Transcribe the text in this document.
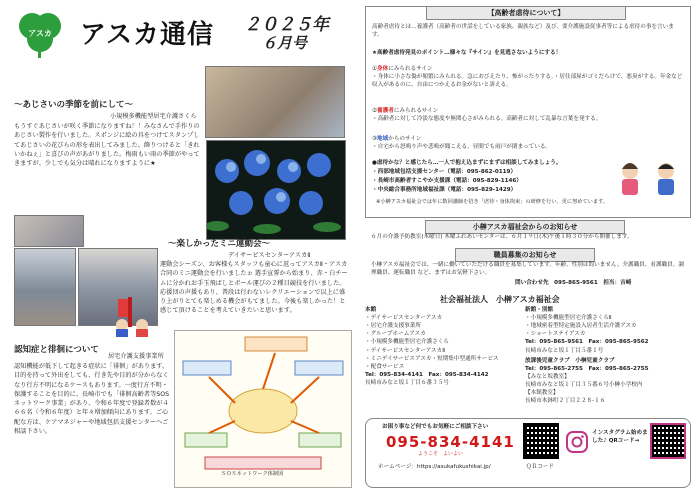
アスカ アスカ通信 ２０２５年
６月号
～あじさいの季節を前にして～
小規模多機能型居宅介護さくら
もうすぐあじさいが咲く季節になりますね！！みなさんで手作りのあじさい製作を行いました。スポンジに絵の具をつけてスタンプしてあじさいの花びらの形を表出してみました。飾りつけると「きれいかねぇ」と喜びの声があがりました。梅雨もい雨の季節がやってきますが、少しでも気分は晴れになりますように★
～楽しかったミニ運動会～
デイサービスセンターアスカⅡ
運動会シーズン、お客様もスタッフも童心に返ってアスカⅡ・アスカ合同のミニ運動会を行いましたぉ 選手宣誓から始まり、赤・白チームに分かれお手玉飛ばしとボール運びの２種目競技を行いました。応援団の声援もあり、普段は行わないレクリエーションで以上に盛り上がりとても楽しめる機会がもてました。今後も楽しかった！と感じて頂けることを考えていきたいと思います。
認知症と徘徊について
居宅介護支援事業所
認知機能が低下して起きる症状に「徘徊」があります。目的を持って外出をしても、行き先や目的が分からなくなり行方不明になるケースもあります。一度行方不明・保護することを目的に、長崎市でも「徘徊高齢者等SOSネットワーク事業」があり、令和６年度で登録者数が４６６名（令和６年度）と年々増加傾向にあります。ご心配な方は、ケアマネジャーや地域包括支援センターへご相談下さい。
ＳＯＳネットワーク体制図
【高齢者虐待について】
高齢者虐待とは…養護者（高齢者の世話をしている家族、親族など）及び、要介護施設従事者等による虐待の事を言います。
★高齢者虐待発見のポイント…様々な『サイン』を見逃さないようにする！
①身体にみられるサイン
・身体に小さな傷が頻繁にみられる。急におびえたり、怖がったりする。・居住部屋がゴミだらけで、悪臭がする。年金など収入があるのに、自由につかえるお金がないと訴える。
②養護者にみられるサイン
・高齢者に対して冷淡な態度や無関心さがみられる。高齢者に対して乱暴な言葉を発する。
③地域からのサイン
・自宅から怒鳴り声や悲鳴が聞こえる。昼間でも雨戸が閉まっている。
●虐待かな？と感じたら…一人で抱え込まずにまずは相談してみましょう。
・西部地域包括支援センター（電話：095-862-0119）
・長崎市高齢者すこやか支援課（電話：095-829-1146）
・中央総合事務所地域福祉課（電話：095-829-1429）
※小榊アスカ福祉会では年に数回講師を招き「虐待・身体拘束」の研修を行い、更に努めています。
小榊アスカ福祉会からのお知らせ
６月の介護予防教室(木曜日) 木曜ふれあいセンターは、６月１９日(木)午後１時３０分から開催します。
職員募集のお知らせ
小榊アスカ福祉会では、一緒に働いていただける職員を募集しています。年齢、性別は問いません。介護職員、看護職員、調理職員、運転職員 など、まずはお気軽下さい。
問い合わせ先　095-865-9561　担当：吉崎
社会福祉法人　小榊アスカ福祉会
本館
・デイサービスセンターアスカ
・居宅介護支援事業所
・グループホームアスカ
・小規模多機能型居宅介護さくら
・デイサービスセンターアスカⅡ
・ミニデイサービスアスカ・短期集中型通所サービス
・配食サービス
Tel：095-834-4141　Fax：095-834-4142
長崎市みなと坂１丁目６番３５号
新館・別館
・小規模多機能型居宅介護さくらⅡ
・地域密着型特定施設入居者生活介護アスカ
・ショートステイアスカ
Tel：095-865-9561　Fax：095-865-9562
長崎市みなと坂１丁目５番１号
放課後児童クラブ　小榊児童クラブ
Tel：095-865-2755　Fax：095-865-2755
【みなと坂教室】
長崎市みなと坂１丁目３５番６号小榊小学校内
【本館教室】
長崎市木鉢町２丁目２２８-１６
お困り事など何でもお気軽にご相談下さい
095-834-4141
ようこそ　よいよい
ホームページ：https://asukafukushikai.jp/	ＱＲコード
インスタグラム始めました♪ QRコード→
